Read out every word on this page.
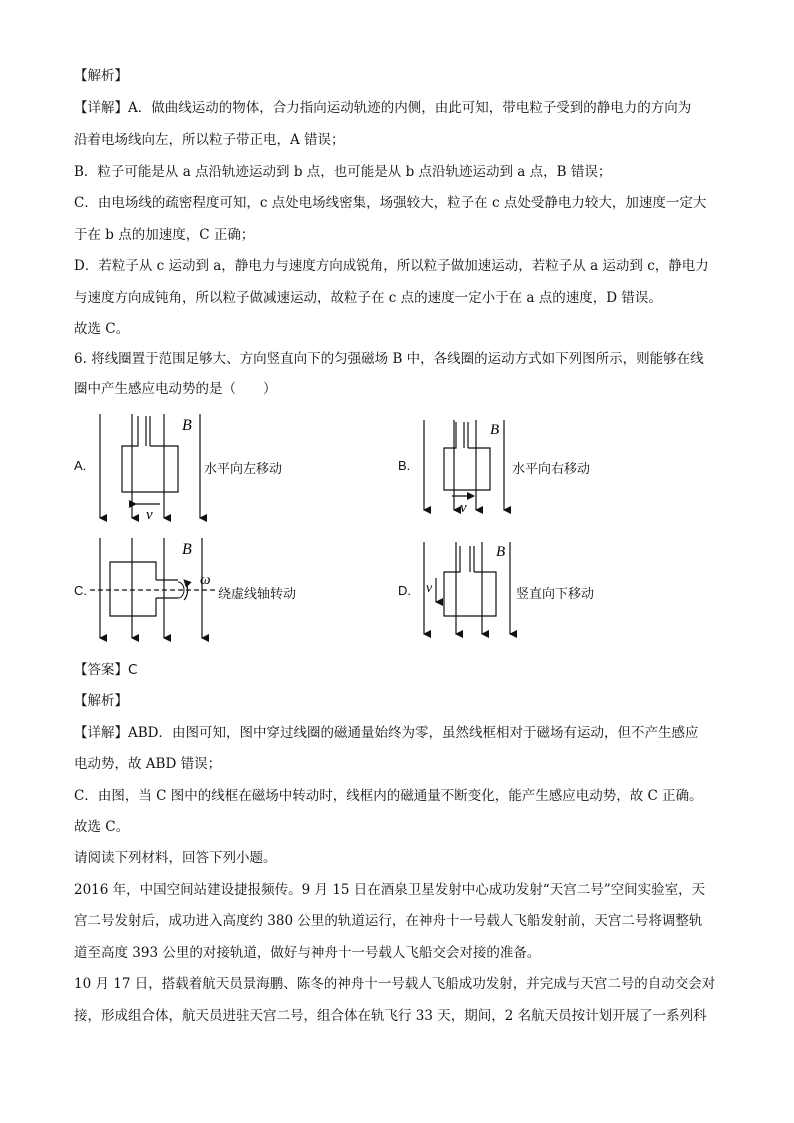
【解析】
【详解】A．做曲线运动的物体，合力指向运动轨迹的内侧，由此可知，带电粒子受到的静电力的方向为
沿着电场线向左，所以粒子带正电，A 错误；
B．粒子可能是从 a 点沿轨迹运动到 b 点，也可能是从 b 点沿轨迹运动到 a 点，B 错误；
C．由电场线的疏密程度可知，c 点处电场线密集，场强较大，粒子在 c 点处受静电力较大，加速度一定大
于在 b 点的加速度，C 正确；
D．若粒子从 c 运动到 a，静电力与速度方向成锐角，所以粒子做加速运动，若粒子从 a 运动到 c，静电力
与速度方向成钝角，所以粒子做减速运动，故粒子在 c 点的速度一定小于在 a 点的速度，D 错误。
故选 C。
6. 将线圈置于范围足够大、方向竖直向下的匀强磁场 B 中，各线圈的运动方式如下列图所示，则能够在线
圈中产生感应电动势的是（　　）
A.
B
v
水平向左移动	B.
B
v
水平向右移动
C.
B
ω
绕虚线轴转动	D.
B
v	竖直向下移动
【答案】C
【解析】
【详解】ABD．由图可知，图中穿过线圈的磁通量始终为零，虽然线框相对于磁场有运动，但不产生感应
电动势，故 ABD 错误；
C．由图，当 C 图中的线框在磁场中转动时，线框内的磁通量不断变化，能产生感应电动势，故 C 正确。
故选 C。
请阅读下列材料，回答下列小题。
2016 年，中国空间站建设捷报频传。9 月 15 日在酒泉卫星发射中心成功发射“天宫二号”空间实验室，天
宫二号发射后，成功进入高度约 380 公里的轨道运行，在神舟十一号载人飞船发射前，天宫二号将调整轨
道至高度 393 公里的对接轨道，做好与神舟十一号载人飞船交会对接的准备。
10 月 17 日，搭载着航天员景海鹏、陈冬的神舟十一号载人飞船成功发射，并完成与天宫二号的自动交会对
接，形成组合体，航天员进驻天宫二号，组合体在轨飞行 33 天，期间，2 名航天员按计划开展了一系列科
